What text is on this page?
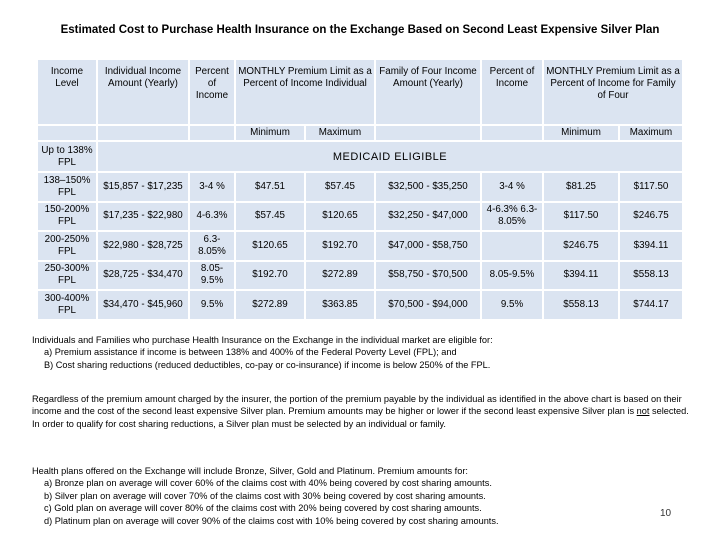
Estimated Cost to Purchase Health Insurance on the Exchange Based on Second Least Expensive Silver Plan
Income Level	Individual Income Amount (Yearly)	Percent of Income	MONTHLY Premium Limit as a Percent of Income Individual		Family of Four Income Amount (Yearly)	Percent of Income	MONTHLY Premium Limit as a Percent of Income for Family of Four	
			Minimum	Maximum			Minimum	Maximum
Up to 138% FPL	MEDICAID ELIGIBLE							
138–150% FPL	$15,857 - $17,235	3-4 %	$47.51	$57.45	$32,500 - $35,250	3-4 %	$81.25	$117.50
150-200% FPL	$17,235 - $22,980	4-6.3%	$57.45	$120.65	$32,250 - $47,000	4-6.3% 6.3-8.05%	$117.50	$246.75
200-250% FPL	$22,980 - $28,725	6.3-8.05%	$120.65	$192.70	$47,000 - $58,750		$246.75	$394.11
250-300% FPL	$28,725 - $34,470	8.05-9.5%	$192.70	$272.89	$58,750 - $70,500	8.05-9.5%	$394.11	$558.13
300-400% FPL	$34,470 - $45,960	9.5%	$272.89	$363.85	$70,500 - $94,000	9.5%	$558.13	$744.17

Individuals and Families who purchase Health Insurance on the Exchange in the individual market are eligible for:

a) Premium assistance if income is between 138% and 400% of the Federal Poverty Level (FPL); and

B) Cost sharing reductions (reduced deductibles, co-pay or co-insurance) if income is below 250% of the FPL.

Regardless of the premium amount charged by the insurer, the portion of the premium payable by the individual as identified in the above chart is based on their income and the cost of the second least expensive Silver plan. Premium amounts may be higher or lower if the second least expensive Silver plan is not selected. In order to qualify for cost sharing reductions, a Silver plan must be selected by an individual or family.

Health plans offered on the Exchange will include Bronze, Silver, Gold and Platinum. Premium amounts for:

a) Bronze plan on average will cover 60% of the claims cost with 40% being covered by cost sharing amounts.

b) Silver plan on average will cover 70% of the claims cost with 30% being covered by cost sharing amounts.

c) Gold plan on average will cover 80% of the claims cost with 20% being covered by cost sharing amounts.

d) Platinum plan on average will cover 90% of the claims cost with 10% being covered by cost sharing amounts.

10
